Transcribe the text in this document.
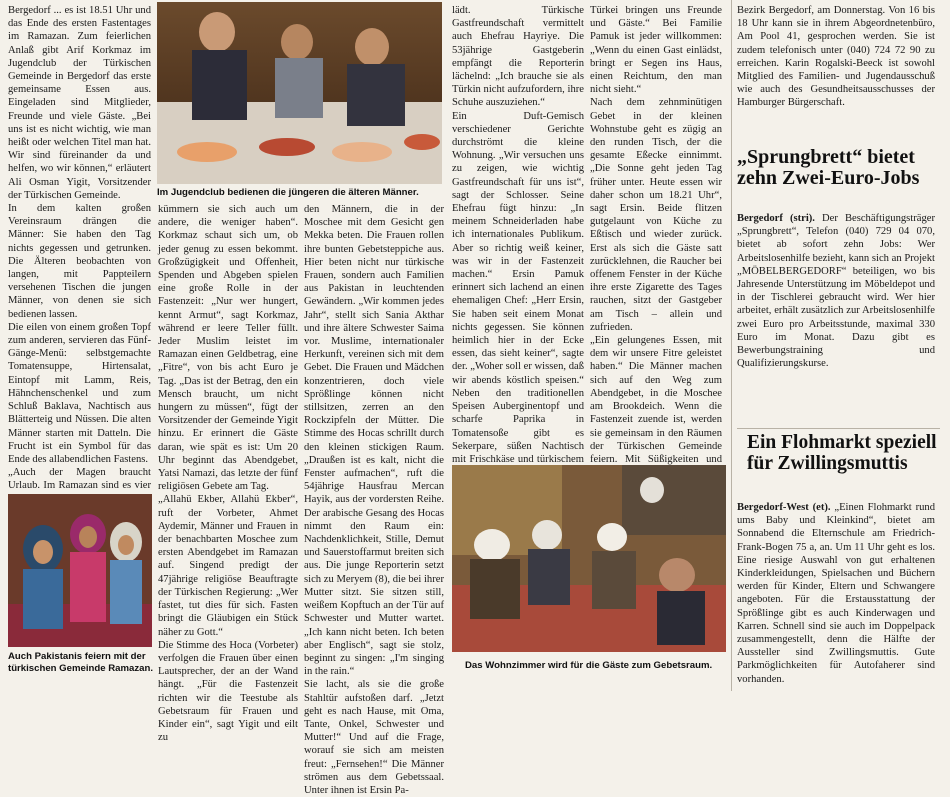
Bergedorf ... es ist 18.51 Uhr und das Ende des ersten Fastentages im Ramazan. Zum feierlichen Anlaß gibt Arif Korkmaz im Jugendclub der Türkischen Gemeinde in Bergedorf das erste gemeinsame Essen aus. Eingeladen sind Mitglieder, Freunde und viele Gäste. „Bei uns ist es nicht wichtig, wie man heißt oder welchen Titel man hat. Wir sind füreinander da und helfen, wo wir können,“ erläutert Ali Osman Yigit, Vorsitzender der Türkischen Gemeinde.
In dem kalten großen Vereinsraum drängen die Männer: Sie haben den Tag nichts gegessen und getrunken. Die Älteren beobachten von langen, mit Pappteilern versehenen Tischen die jungen Männer, von denen sie sich bedienen lassen.
Die eilen von einem großen Topf zum anderen, servieren das Fünf-Gänge-Menü: selbstgemachte Tomatensuppe, Hirtensalat, Eintopf mit Lamm, Reis, Hähnchenschenkel und zum Schluß Baklava, Nachtisch aus Blätterteig und Nüssen. Die alten Männer starten mit Datteln. Die Frucht ist ein Symbol für das Ende des allabendlichen Fastens.
„Auch der Magen braucht Urlaub. Im Ramazan sind es vier

Im Jugendclub bedienen die jüngeren die älteren Männer.

kümmern sie sich auch um andere, die weniger haben“. Korkmaz schaut sich um, ob jeder genug zu essen bekommt. Großzügigkeit und Offenheit, Spenden und Abgeben spielen eine große Rolle in der Fastenzeit: „Nur wer hungert, kennt Armut“, sagt Korkmaz, während er leere Teller füllt. Jeder Muslim leistet im Ramazan einen Geldbetrag, eine „Fitre“, von bis acht Euro je Tag. „Das ist der Betrag, den ein Mensch braucht, um nicht hungern zu müssen“, fügt der Vorsitzender der Gemeinde Yigit hinzu. Er erinnert die Gäste daran, wie spät es ist: Um 20 Uhr beginnt das Abendgebet, Yatsi Namazi, das letzte der fünf religiösen Gebete am Tag.
„Allahü Ekber, Allahü Ekber“, ruft der Vorbeter, Ahmet Aydemir, Männer und Frauen in der benachbarten Moschee zum ersten Abendgebet im Ramazan auf. Singend predigt der 47jährige religiöse Beauftragte der Türkischen Regierung: „Wer fastet, tut dies für sich. Fasten bringt die Gläubigen ein Stück näher zu Gott.“
Die Stimme des Hoca (Vorbeter) verfolgen die Frauen über einen Lautsprecher, der an der Wand hängt. „Für die Fastenzeit richten wir die Teestube als Gebetsraum für Frauen und Kinder ein“, sagt Yigit und eilt zu

den Männern, die in der Moschee mit dem Gesicht gen Mekka beten. Die Frauen rollen ihre bunten Gebetsteppiche aus. Hier beten nicht nur türkische Frauen, sondern auch Familien aus Pakistan in leuchtenden Gewändern. „Wir kommen jedes Jahr“, stellt sich Sania Akthar und ihre ältere Schwester Saima vor. Muslime, internationaler Herkunft, vereinen sich mit dem Gebet. Die Frauen und Mädchen konzentrieren, doch viele Sprößlinge können nicht stillsitzen, zerren an den Rockzipfeln der Mütter. Die Stimme des Hocas schrillt durch den kleinen stickigen Raum. „Draußen ist es kalt, nicht die Fenster aufmachen“, ruft die 54jährige Hausfrau Mercan Hayik, aus der vordersten Reihe. Der arabische Gesang des Hocas nimmt den Raum ein: Nachdenklichkeit, Stille, Demut und Sauerstoffarmut breiten sich aus. Die junge Reporterin setzt sich zu Meryem (8), die bei ihrer Mutter sitzt. Sie sitzen still, weißem Kopftuch an der Tür auf Schwester und Mutter wartet. „Ich kann nicht beten. Ich beten aber Englisch“, sagt sie stolz, beginnt zu singen: „I'm singing in the rain.“
Sie lacht, als sie die große Stahltür aufstoßen darf. „Jetzt geht es nach Hause, mit Oma, Tante, Onkel, Schwester und Mutter!“ Und auf die Frage, worauf sie sich am meisten freut: „Fernsehen!“ Die Männer strömen aus dem Gebetssaal. Unter ihnen ist Ersin Pa-

Auch Pakistanis feiern mit der türkischen Gemeinde Ramazan.

lädt. Türkische Gastfreundschaft vermittelt auch Ehefrau Hayriye. Die 53jährige Gastgeberin empfängt die Reporterin lächelnd: „Ich brauche sie als Türkin nicht aufzufordern, ihre Schuhe auszuziehen.“
Ein Duft-Gemisch verschiedener Gerichte durchströmt die kleine Wohnung. „Wir versuchen uns zu zeigen, wie wichtig Gastfreundschaft für uns ist“, sagt der Schlosser. Seine Ehefrau fügt hinzu: „In meinem Schneiderladen habe ich internationales Publikum. Aber so richtig weiß keiner, was wir in der Fastenzeit machen.“ Ersin Pamuk erinnert sich lachend an einen ehemaligen Chef: „Herr Ersin, Sie haben seit einem Monat nichts gegessen. Sie können heimlich hier in der Ecke essen, das sieht keiner“, sagte der. „Woher soll er wissen, daß wir abends köstlich speisen.“ Neben den traditionellen Speisen Auberginentopf und scharfe Paprika in Tomatensoße gibt es Sekerpare, süßen Nachtisch mit Frischkäse und türkischem

Türkei bringen uns Freunde und Gäste.“ Bei Familie Pamuk ist jeder willkommen: „Wenn du einen Gast einlädst, bringt er Segen ins Haus, einen Reichtum, den man nicht sieht.“
Nach dem zehnminütigen Gebet in der kleinen Wohnstube geht es zügig an den runden Tisch, der die gesamte Eßecke einnimmt. „Die Sonne geht jeden Tag früher unter. Heute essen wir daher schon um 18.21 Uhr“, sagt Ersin. Beide flitzen gutgelaunt von Küche zu Eßtisch und wieder zurück. Erst als sich die Gäste satt zurücklehnen, die Raucher bei offenem Fenster in der Küche ihre erste Zigarette des Tages rauchen, sitzt der Gastgeber am Tisch – allein und zufrieden.
„Ein gelungenes Essen, mit dem wir unsere Fitre geleistet haben.“ Die Männer machen sich auf den Weg zum Abendgebet, in die Moschee am Brookdeich. Wenn die Fastenzeit zuende ist, werden sie gemeinsam in den Räumen der Türkischen Gemeinde feiern. Mit Süßigkeiten und

Das Wohnzimmer wird für die Gäste zum Gebetsraum.

Bezirk Bergedorf, am Donnerstag. Von 16 bis 18 Uhr kann sie in ihrem Abgeordnetenbüro, Am Pool 41, gesprochen werden. Sie ist zudem telefonisch unter (040) 724 72 90 zu erreichen. Karin Rogalski-Beeck ist sowohl Mitglied des Familien- und Jugendausschuß wie auch des Gesundheitsausschusses der Hamburger Bürgerschaft.

„Sprungbrett“ bietet zehn Zwei-Euro-Jobs

Bergedorf (stri). Der Beschäftigungsträger „Sprungbrett“, Telefon (040) 729 04 070, bietet ab sofort zehn Jobs: Wer Arbeitslosenhilfe bezieht, kann sich an Projekt „MÖBELBERGEDORF“ beteiligen, wo bis Jahresende Unterstützung im Möbeldepot und in der Tischlerei gebraucht wird. Wer hier arbeitet, erhält zusätzlich zur Arbeitslosenhilfe zwei Euro pro Arbeitsstunde, maximal 330 Euro im Monat. Dazu gibt es Bewerbungstraining und Qualifizierungskurse.

Ein Flohmarkt speziell für Zwillingsmuttis

Bergedorf-West (et). „Einen Flohmarkt rund ums Baby und Kleinkind“, bietet am Sonnabend die Elternschule am Friedrich-Frank-Bogen 75 a, an. Um 11 Uhr geht es los. Eine riesige Auswahl von gut erhaltenen Kinderkleidungen, Spielsachen und Büchern werden für Kinder, Eltern und Schwangere angeboten. Für die Erstausstattung der Sprößlinge gibt es auch Kinderwagen und Karren. Schnell sind sie auch im Doppelpack zusammengestellt, denn die Hälfte der Aussteller sind Zwillingsmuttis. Gute Parkmöglichkeiten für Autofaherer sind vorhanden.
